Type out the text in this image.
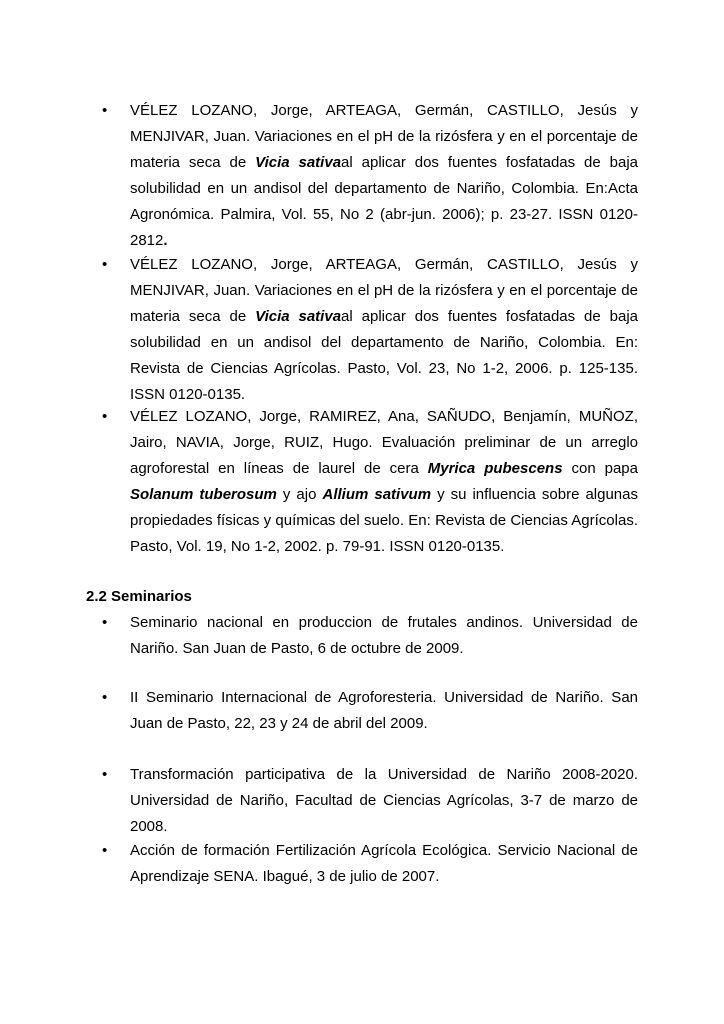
• VÉLEZ LOZANO, Jorge, ARTEAGA, Germán, CASTILLO, Jesús y MENJIVAR, Juan. Variaciones en el pH de la rizósfera y en el porcentaje de materia seca de Vicia sativaal aplicar dos fuentes fosfatadas de baja solubilidad en un andisol del departamento de Nariño, Colombia. En:Acta Agronómica. Palmira, Vol. 55, No 2 (abr-jun. 2006); p. 23-27. ISSN 0120-2812.

• VÉLEZ LOZANO, Jorge, ARTEAGA, Germán, CASTILLO, Jesús y MENJIVAR, Juan. Variaciones en el pH de la rizósfera y en el porcentaje de materia seca de Vicia sativaal aplicar dos fuentes fosfatadas de baja solubilidad en un andisol del departamento de Nariño, Colombia. En: Revista de Ciencias Agrícolas. Pasto, Vol. 23, No 1-2, 2006. p. 125-135. ISSN 0120-0135.

• VÉLEZ LOZANO, Jorge, RAMIREZ, Ana, SAÑUDO, Benjamín, MUÑOZ, Jairo, NAVIA, Jorge, RUIZ, Hugo. Evaluación preliminar de un arreglo agroforestal en líneas de laurel de cera Myrica pubescens con papa Solanum tuberosum y ajo Allium sativum y su influencia sobre algunas propiedades físicas y químicas del suelo. En: Revista de Ciencias Agrícolas. Pasto, Vol. 19, No 1-2, 2002. p. 79-91. ISSN 0120-0135.

2.2 Seminarios
• Seminario nacional en produccion de frutales andinos. Universidad de Nariño. San Juan de Pasto, 6 de octubre de 2009.

• II Seminario Internacional de Agroforesteria. Universidad de Nariño. San Juan de Pasto, 22, 23 y 24 de abril del 2009.

• Transformación participativa de la Universidad de Nariño 2008-2020. Universidad de Nariño, Facultad de Ciencias Agrícolas, 3-7 de marzo de 2008.

• Acción de formación Fertilización Agrícola Ecológica. Servicio Nacional de Aprendizaje SENA. Ibagué, 3 de julio de 2007.
